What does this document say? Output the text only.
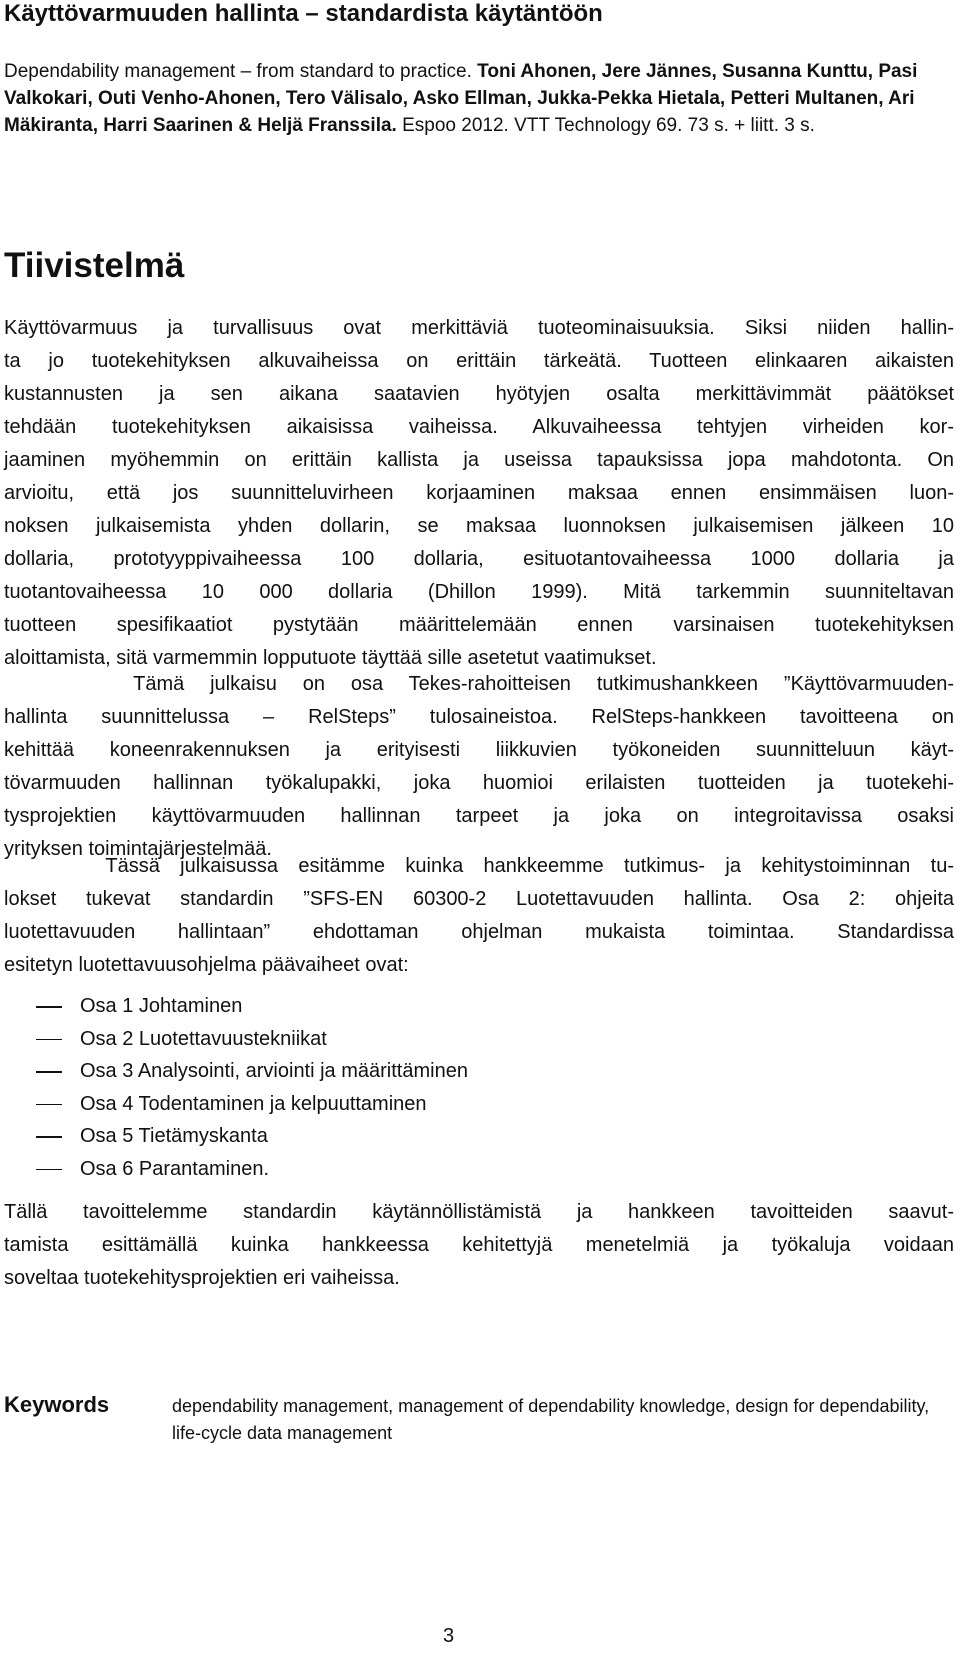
Käyttövarmuuden hallinta – standardista käytäntöön

Dependability management – from standard to practice. Toni Ahonen, Jere Jännes, Susanna Kunttu, Pasi Valkokari, Outi Venho-Ahonen, Tero Välisalo, Asko Ellman, Jukka-Pekka Hietala, Petteri Multanen, Ari Mäkiranta, Harri Saarinen & Heljä Franssila. Espoo 2012. VTT Technology 69. 73 s. + liitt. 3 s.

Tiivistelmä

Käyttövarmuus ja turvallisuus ovat merkittäviä tuoteominaisuuksia. Siksi niiden hallin-
ta jo tuotekehityksen alkuvaiheissa on erittäin tärkeätä. Tuotteen elinkaaren aikaisten
kustannusten ja sen aikana saatavien hyötyjen osalta merkittävimmät päätökset
tehdään tuotekehityksen aikaisissa vaiheissa. Alkuvaiheessa tehtyjen virheiden kor-
jaaminen myöhemmin on erittäin kallista ja useissa tapauksissa jopa mahdotonta. On
arvioitu, että jos suunnitteluvirheen korjaaminen maksaa ennen ensimmäisen luon-
noksen julkaisemista yhden dollarin, se maksaa luonnoksen julkaisemisen jälkeen 10
dollaria, prototyyppivaiheessa 100 dollaria, esituotantovaiheessa 1000 dollaria ja
tuotantovaiheessa 10 000 dollaria (Dhillon 1999). Mitä tarkemmin suunniteltavan
tuotteen spesifikaatiot pystytään määrittelemään ennen varsinaisen tuotekehityksen
aloittamista, sitä varmemmin lopputuote täyttää sille asetetut vaatimukset.

Tämä julkaisu on osa Tekes-rahoitteisen tutkimushankkeen ”Käyttövarmuuden-
hallinta suunnittelussa – RelSteps” tulosaineistoa. RelSteps-hankkeen tavoitteena on
kehittää koneenrakennuksen ja erityisesti liikkuvien työkoneiden suunnitteluun käyt-
tövarmuuden hallinnan työkalupakki, joka huomioi erilaisten tuotteiden ja tuotekehi-
tysprojektien käyttövarmuuden hallinnan tarpeet ja joka on integroitavissa osaksi
yrityksen toimintajärjestelmää.

Tässä julkaisussa esitämme kuinka hankkeemme tutkimus- ja kehitystoiminnan tu-
lokset tukevat standardin ”SFS-EN 60300-2 Luotettavuuden hallinta. Osa 2: ohjeita
luotettavuuden hallintaan” ehdottaman ohjelman mukaista toimintaa. Standardissa
esitetyn luotettavuusohjelma päävaiheet ovat:

Osa 1 Johtaminen
Osa 2 Luotettavuustekniikat
Osa 3 Analysointi, arviointi ja määrittäminen
Osa 4 Todentaminen ja kelpuuttaminen
Osa 5 Tietämyskanta
Osa 6 Parantaminen.

Tällä tavoittelemme standardin käytännöllistämistä ja hankkeen tavoitteiden saavut-
tamista esittämällä kuinka hankkeessa kehitettyjä menetelmiä ja työkaluja voidaan
soveltaa tuotekehitysprojektien eri vaiheissa.

Keywords	dependability management, management of dependability knowledge, design for dependability, life-cycle data management
3
